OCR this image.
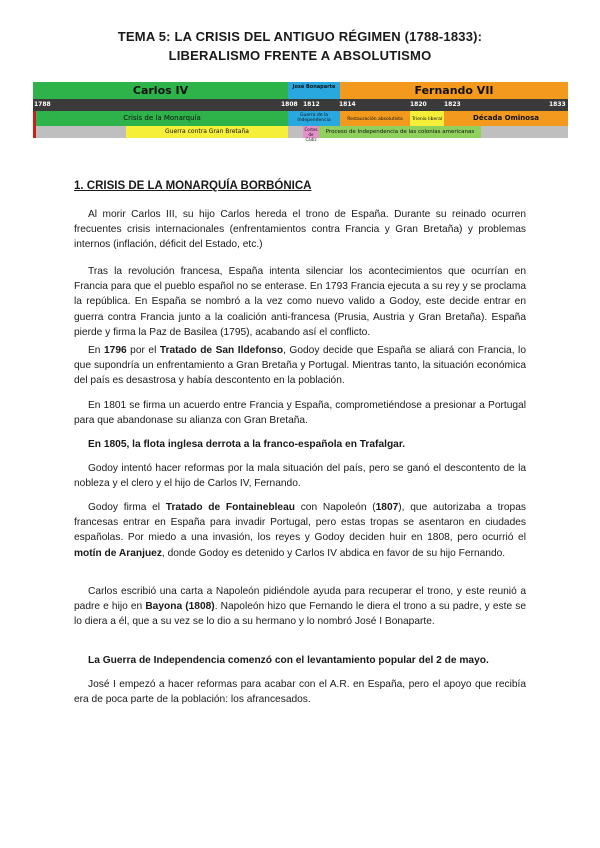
TEMA 5: LA CRISIS DEL ANTIGUO RÉGIMEN (1788-1833):
LIBERALISMO FRENTE A ABSOLUTISMO
Carlos IV	José Bonaparte	Fernando VII
1788	1808 1812	1814	1820	1823	1833
Crisis de la Monarquía	Guerra de la Independencia	Restauración absolutista	Trienio liberal	Década Ominosa
Guerra contra Gran Bretaña	Cortes de Cádiz
Proceso de Independencia de las colonias americanas
1. CRISIS DE LA MONARQUÍA BORBÓNICA

Al morir Carlos III, su hijo Carlos hereda el trono de España. Durante su reinado ocurren frecuentes crisis internacionales (enfrentamientos contra Francia y Gran Bretaña) y problemas internos (inflación, déficit del Estado, etc.)

Tras la revolución francesa, España intenta silenciar los acontecimientos que ocurrían en Francia para que el pueblo español no se enterase. En 1793 Francia ejecuta a su rey y se proclama la república. En España se nombró a la vez como nuevo valido a Godoy, este decide entrar en guerra contra Francia junto a la coalición anti-francesa (Prusia, Austria y Gran Bretaña). España pierde y firma la Paz de Basilea (1795), acabando así el conflicto.

En 1796 por el Tratado de San Ildefonso, Godoy decide que España se aliará con Francia, lo que supondría un enfrentamiento a Gran Bretaña y Portugal. Mientras tanto, la situación económica del país es desastrosa y había descontento en la población.

En 1801 se firma un acuerdo entre Francia y España, comprometiéndose a presionar a Portugal para que abandonase su alianza con Gran Bretaña.

En 1805, la flota inglesa derrota a la franco-española en Trafalgar.

Godoy intentó hacer reformas por la mala situación del país, pero se ganó el descontento de la nobleza y el clero y el hijo de Carlos IV, Fernando.

Godoy firma el Tratado de Fontainebleau con Napoleón (1807), que autorizaba a tropas francesas entrar en España para invadir Portugal, pero estas tropas se asentaron en ciudades españolas. Por miedo a una invasión, los reyes y Godoy deciden huir en 1808, pero ocurrió el motín de Aranjuez, donde Godoy es detenido y Carlos IV abdica en favor de su hijo Fernando.

Carlos escribió una carta a Napoleón pidiéndole ayuda para recuperar el trono, y este reunió a padre e hijo en Bayona (1808). Napoleón hizo que Fernando le diera el trono a su padre, y este se lo diera a él, que a su vez se lo dio a su hermano y lo nombró José I Bonaparte.

La Guerra de Independencia comenzó con el levantamiento popular del 2 de mayo.

José I empezó a hacer reformas para acabar con el A.R. en España, pero el apoyo que recibía era de poca parte de la población: los afrancesados.
